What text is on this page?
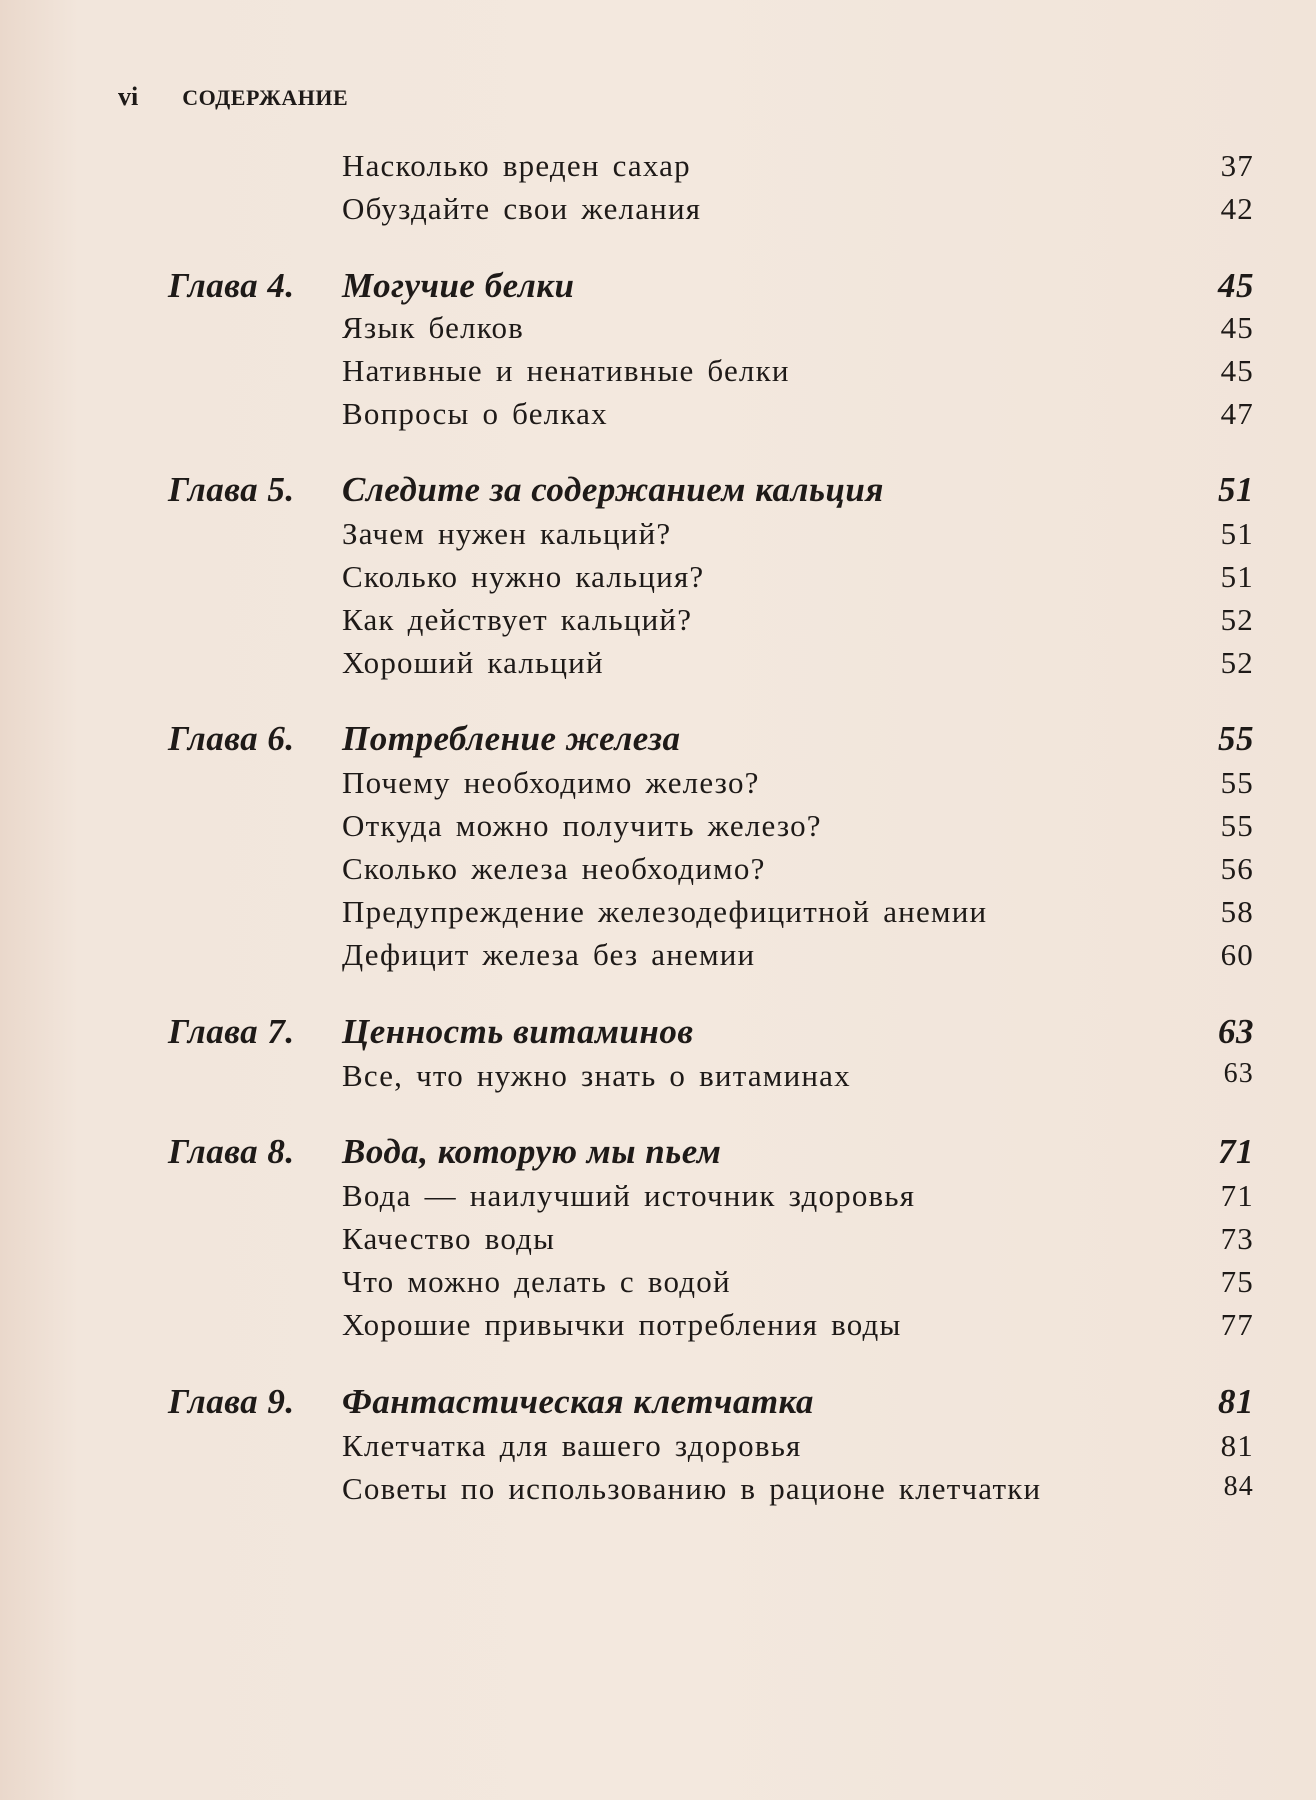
vi СОДЕРЖАНИЕ
Насколько вреден сахар	37
Обуздайте свои желания	42
Глава 4. Могучие белки	45
Язык белков	45
Нативные и ненативные белки	45
Вопросы о белках	47
Глава 5. Следите за содержанием кальция	51
Зачем нужен кальций?	51
Сколько нужно кальция?	51
Как действует кальций?	52
Хороший кальций	52
Глава 6. Потребление железа	55
Почему необходимо железо?	55
Откуда можно получить железо?	55
Сколько железа необходимо?	56
Предупреждение железодефицитной анемии	58
Дефицит железа без анемии	60
Глава 7. Ценность витаминов	63
Все, что нужно знать о витаминах	63
Глава 8. Вода, которую мы пьем	71
Вода — наилучший источник здоровья	71
Качество воды	73
Что можно делать с водой	75
Хорошие привычки потребления воды	77
Глава 9. Фантастическая клетчатка	81
Клетчатка для вашего здоровья	81
Советы по использованию в рационе клетчатки	84
